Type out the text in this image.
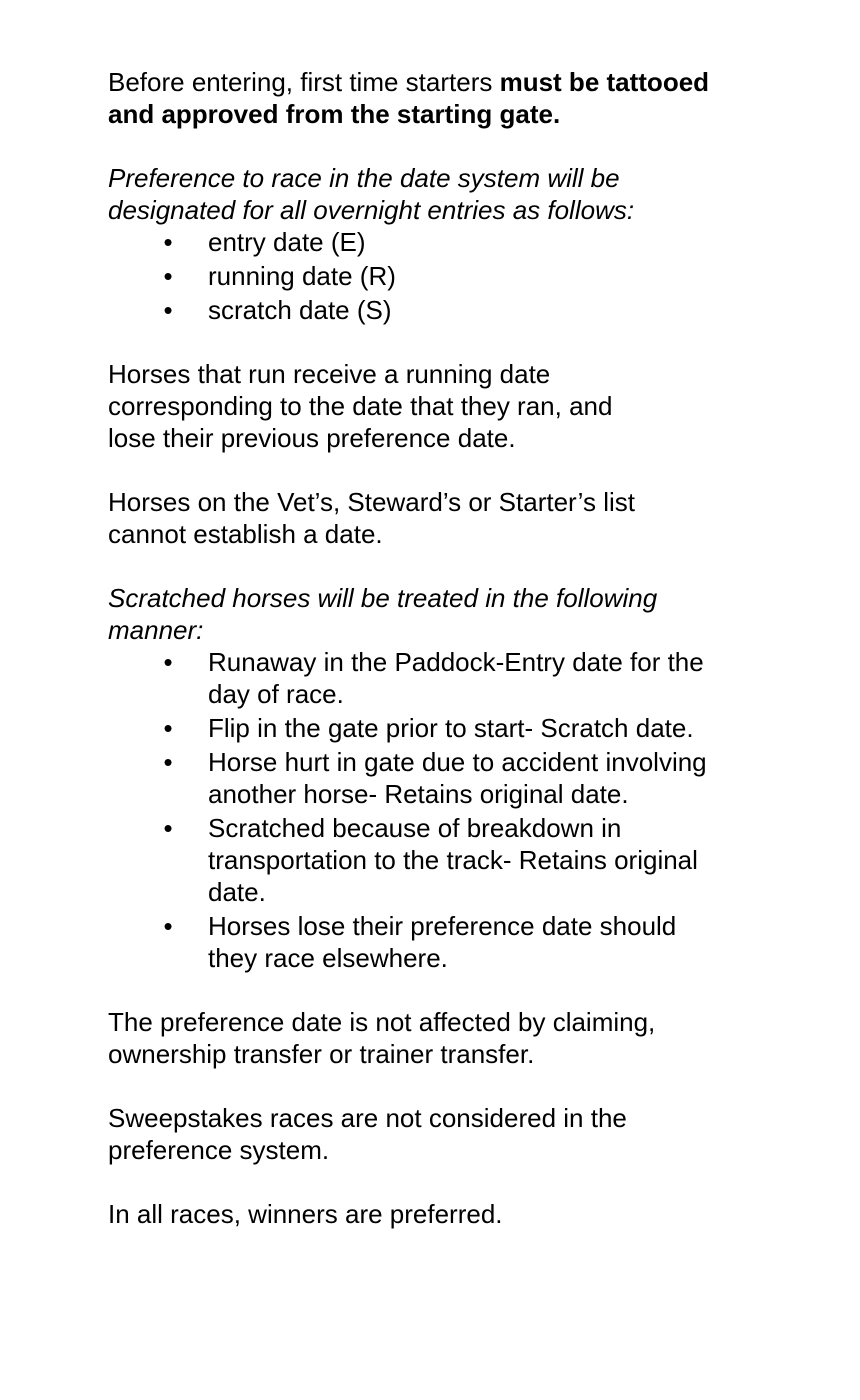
Before entering, first time starters must be tattooed
and approved from the starting gate.

Preference to race in the date system will be
designated for all overnight entries as follows:

• entry date (E)
• running date (R)
• scratch date (S)

Horses that run receive a running date
corresponding to the date that they ran, and
lose their previous preference date.

Horses on the Vet’s, Steward’s or Starter’s list
cannot establish a date.

Scratched horses will be treated in the following
manner:

• Runaway in the Paddock-Entry date for the
day of race.
• Flip in the gate prior to start- Scratch date.
• Horse hurt in gate due to accident involving
another horse- Retains original date.
• Scratched because of breakdown in
transportation to the track- Retains original
date.
• Horses lose their preference date should
they race elsewhere.

The preference date is not affected by claiming,
ownership transfer or trainer transfer.

Sweepstakes races are not considered in the
preference system.

In all races, winners are preferred.
